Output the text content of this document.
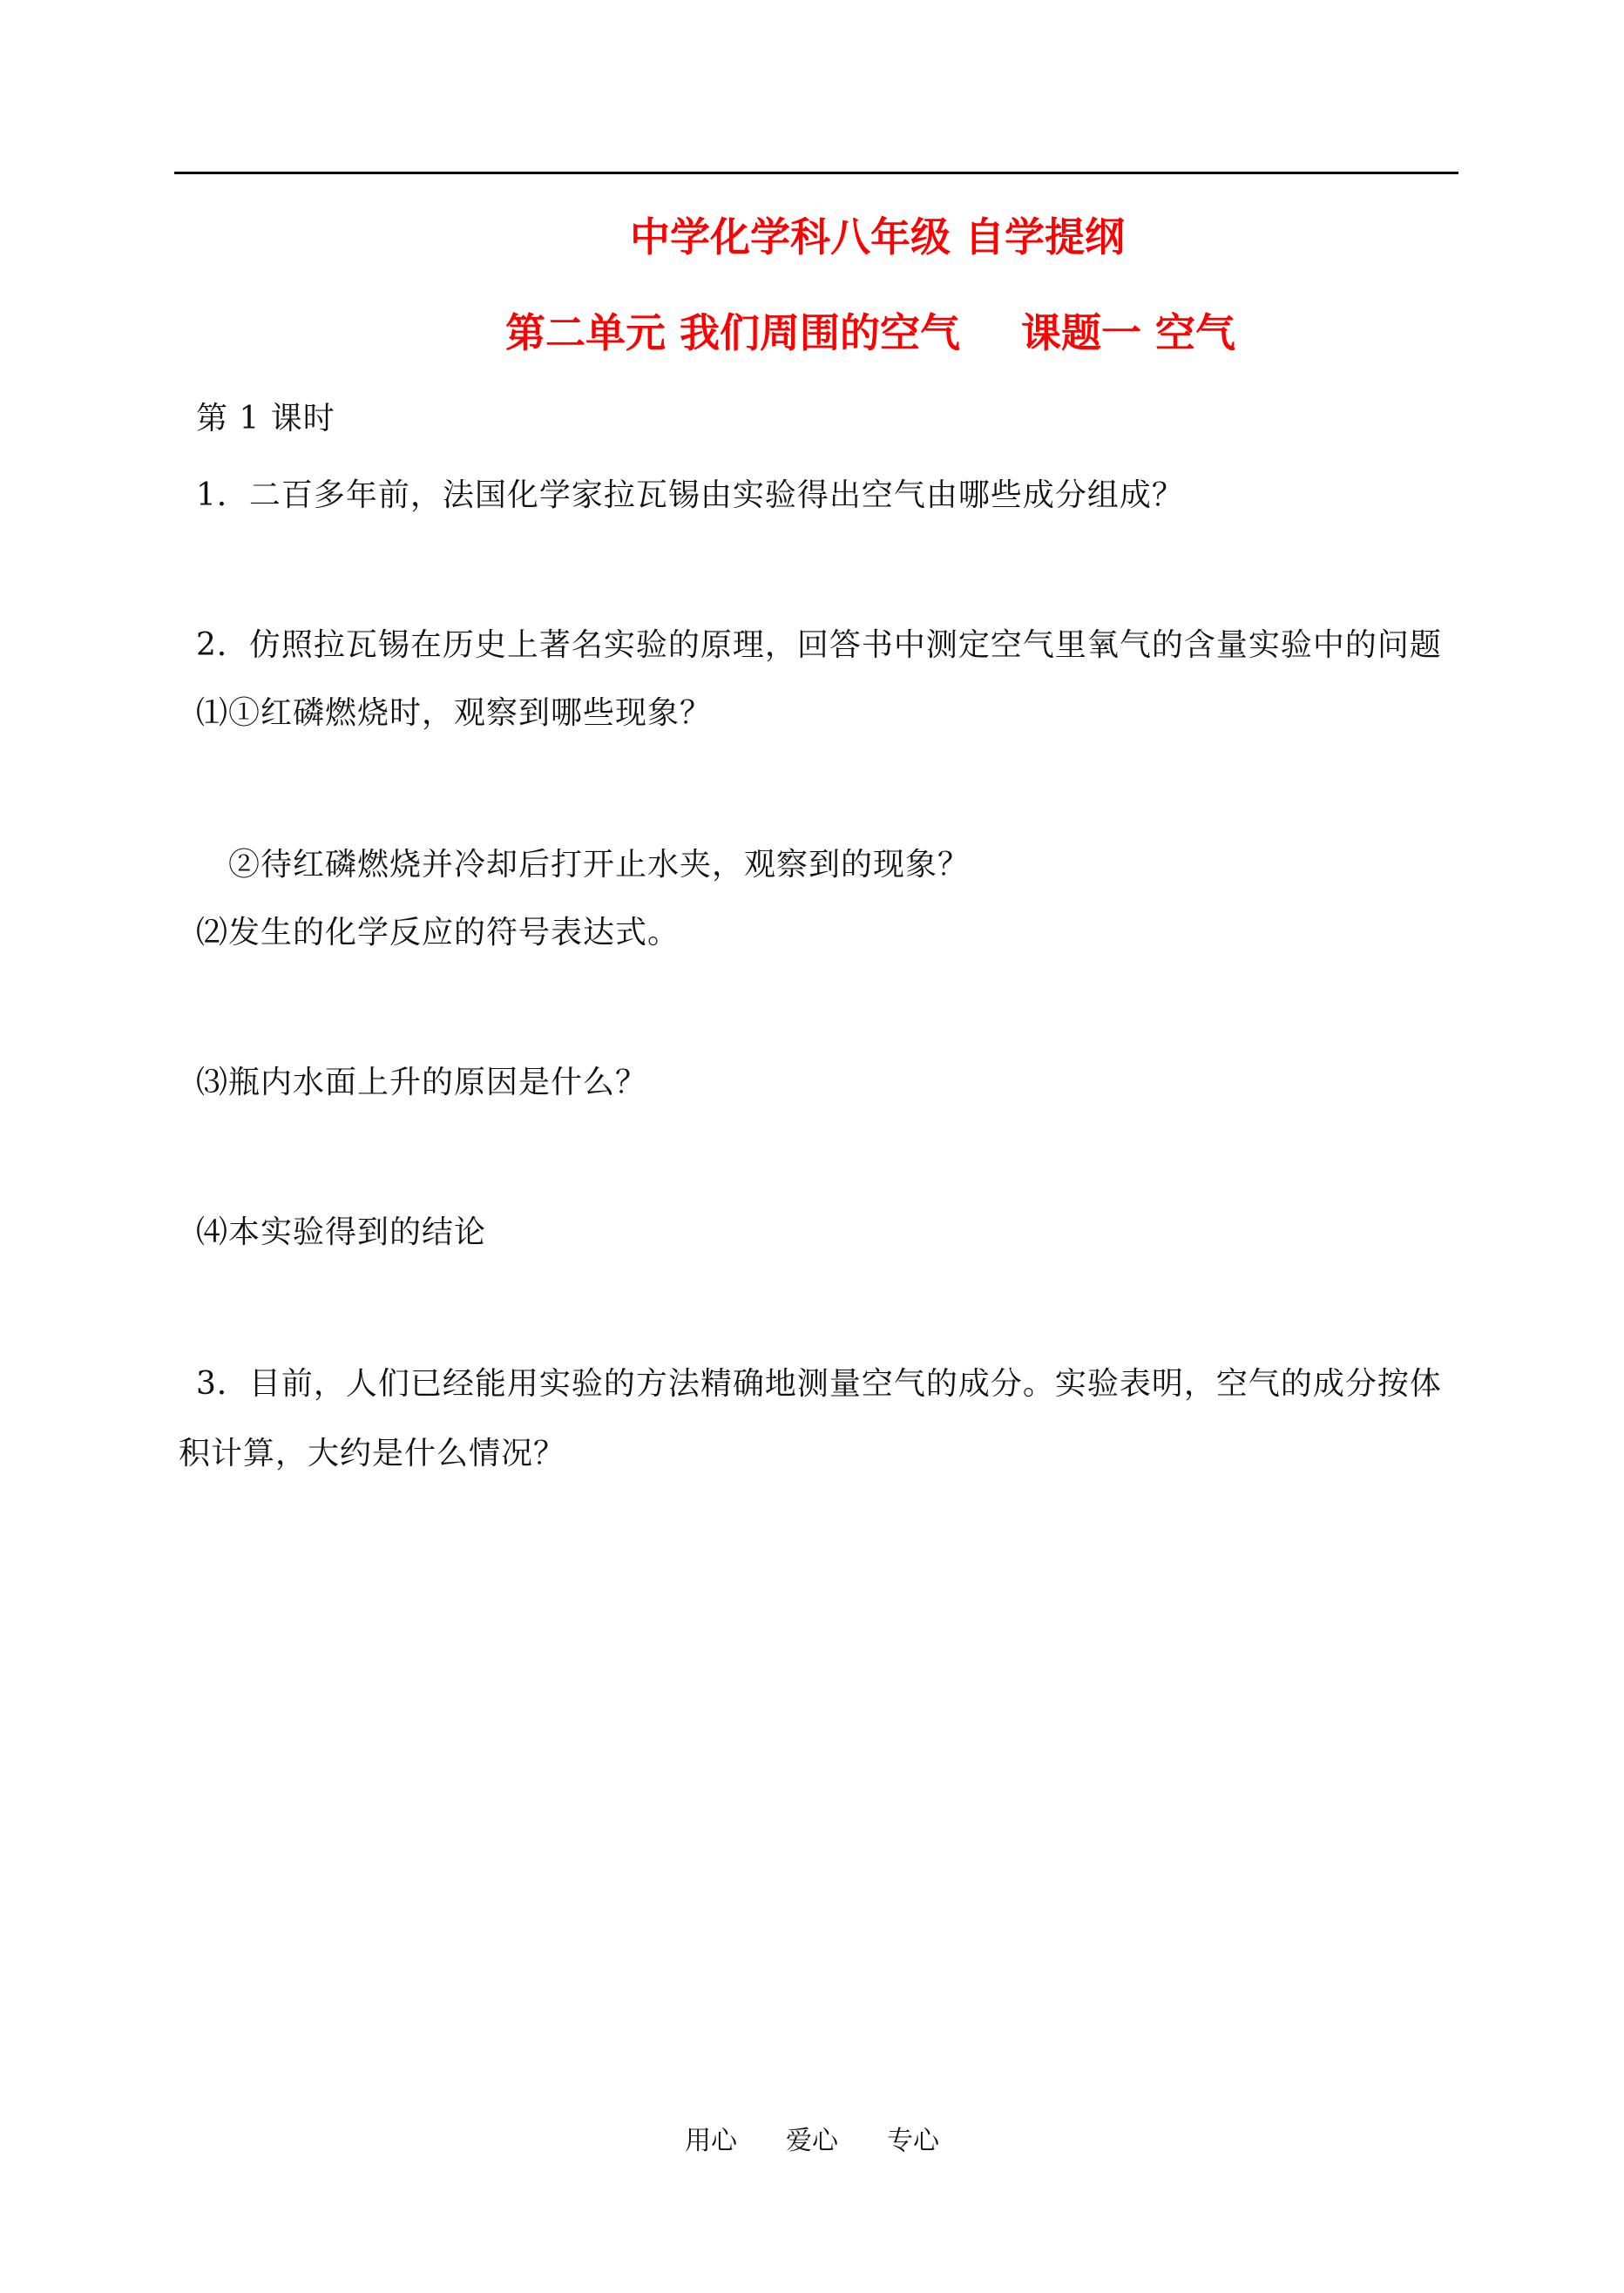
中学化学科八年级 自学提纲
第二单元 我们周围的空气 课题一 空气
第 1 课时
1．二百多年前，法国化学家拉瓦锡由实验得出空气由哪些成分组成？
2．仿照拉瓦锡在历史上著名实验的原理，回答书中测定空气里氧气的含量实验中的问题
⑴①红磷燃烧时，观察到哪些现象？
②待红磷燃烧并冷却后打开止水夹，观察到的现象？
⑵发生的化学反应的符号表达式。
⑶瓶内水面上升的原因是什么？
⑷本实验得到的结论
3．目前，人们已经能用实验的方法精确地测量空气的成分。实验表明，空气的成分按体
积计算，大约是什么情况？
用心 爱心 专心
